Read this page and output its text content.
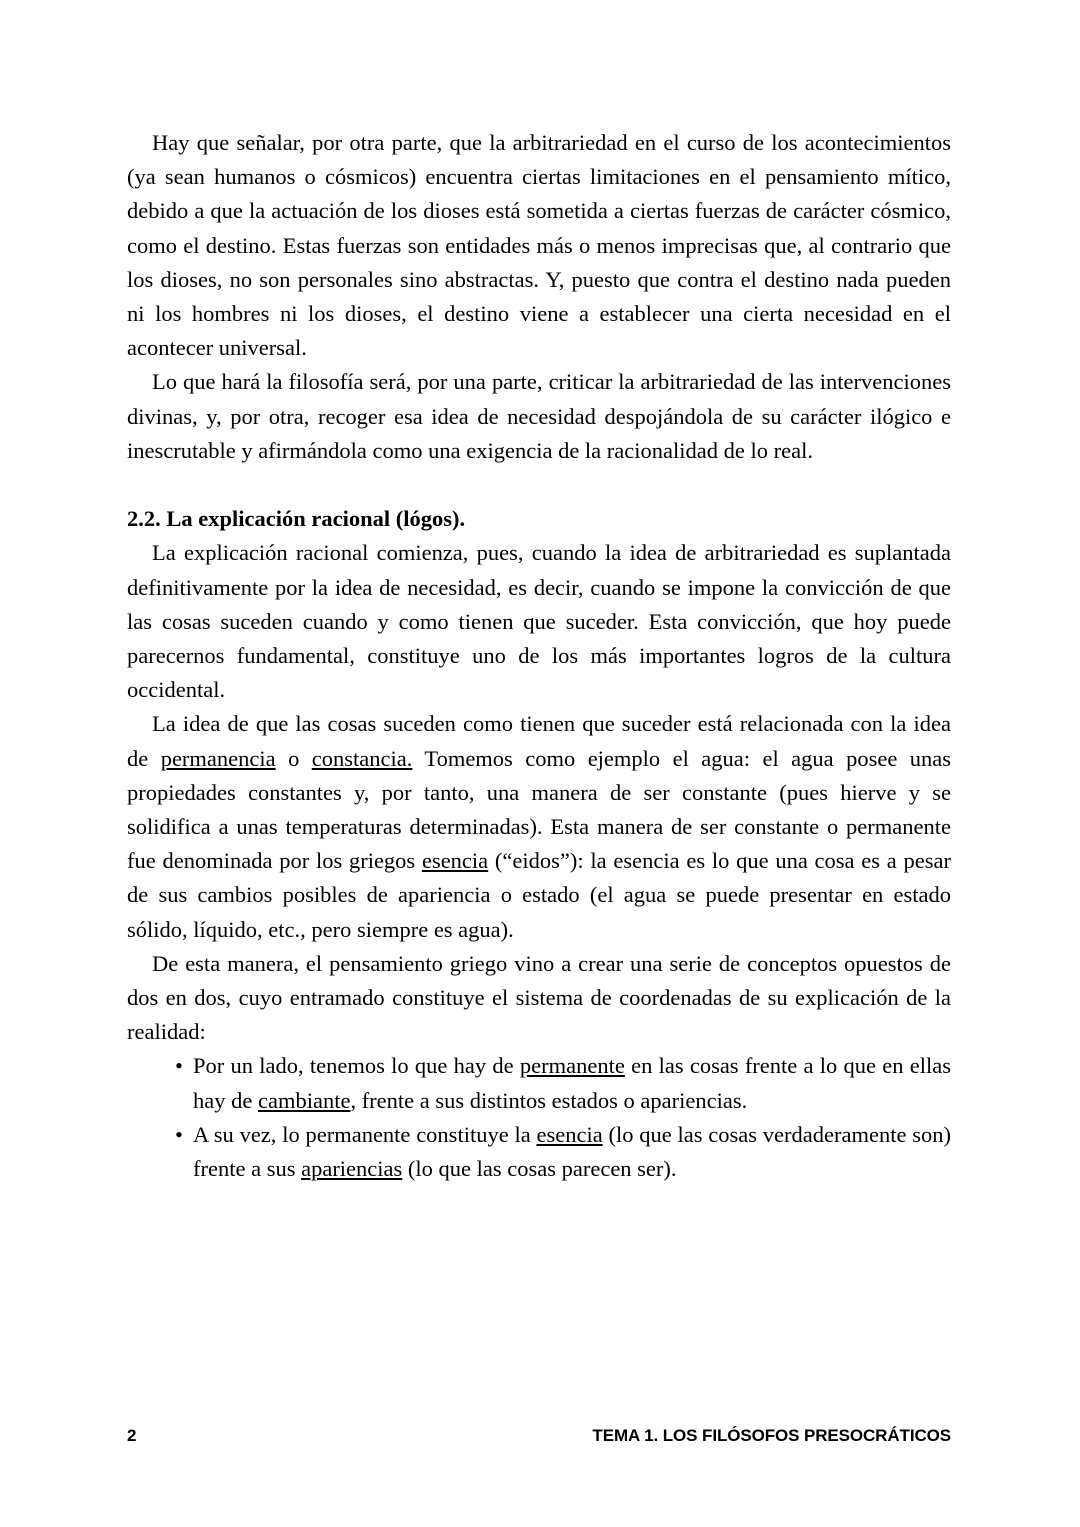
Hay que señalar, por otra parte, que la arbitrariedad en el curso de los acontecimientos (ya sean humanos o cósmicos) encuentra ciertas limitaciones en el pensamiento mítico, debido a que la actuación de los dioses está sometida a ciertas fuerzas de carácter cósmico, como el destino. Estas fuerzas son entidades más o menos imprecisas que, al contrario que los dioses, no son personales sino abstractas. Y, puesto que contra el destino nada pueden ni los hombres ni los dioses, el destino viene a establecer una cierta necesidad en el acontecer universal.

Lo que hará la filosofía será, por una parte, criticar la arbitrariedad de las intervenciones divinas, y, por otra, recoger esa idea de necesidad despojándola de su carácter ilógico e inescrutable y afirmándola como una exigencia de la racionalidad de lo real.

2.2. La explicación racional (lógos).

La explicación racional comienza, pues, cuando la idea de arbitrariedad es suplantada definitivamente por la idea de necesidad, es decir, cuando se impone la convicción de que las cosas suceden cuando y como tienen que suceder. Esta convicción, que hoy puede parecernos fundamental, constituye uno de los más importantes logros de la cultura occidental.

La idea de que las cosas suceden como tienen que suceder está relacionada con la idea de permanencia o constancia. Tomemos como ejemplo el agua: el agua posee unas propiedades constantes y, por tanto, una manera de ser constante (pues hierve y se solidifica a unas temperaturas determinadas). Esta manera de ser constante o permanente fue denominada por los griegos esencia (“eidos”): la esencia es lo que una cosa es a pesar de sus cambios posibles de apariencia o estado (el agua se puede presentar en estado sólido, líquido, etc., pero siempre es agua).

De esta manera, el pensamiento griego vino a crear una serie de conceptos opuestos de dos en dos, cuyo entramado constituye el sistema de coordenadas de su explicación de la realidad:

• Por un lado, tenemos lo que hay de permanente en las cosas frente a lo que en ellas hay de cambiante, frente a sus distintos estados o apariencias.
• A su vez, lo permanente constituye la esencia (lo que las cosas verdaderamente son) frente a sus apariencias (lo que las cosas parecen ser).
2	TEMA 1. LOS FILÓSOFOS PRESOCRÁTICOS
